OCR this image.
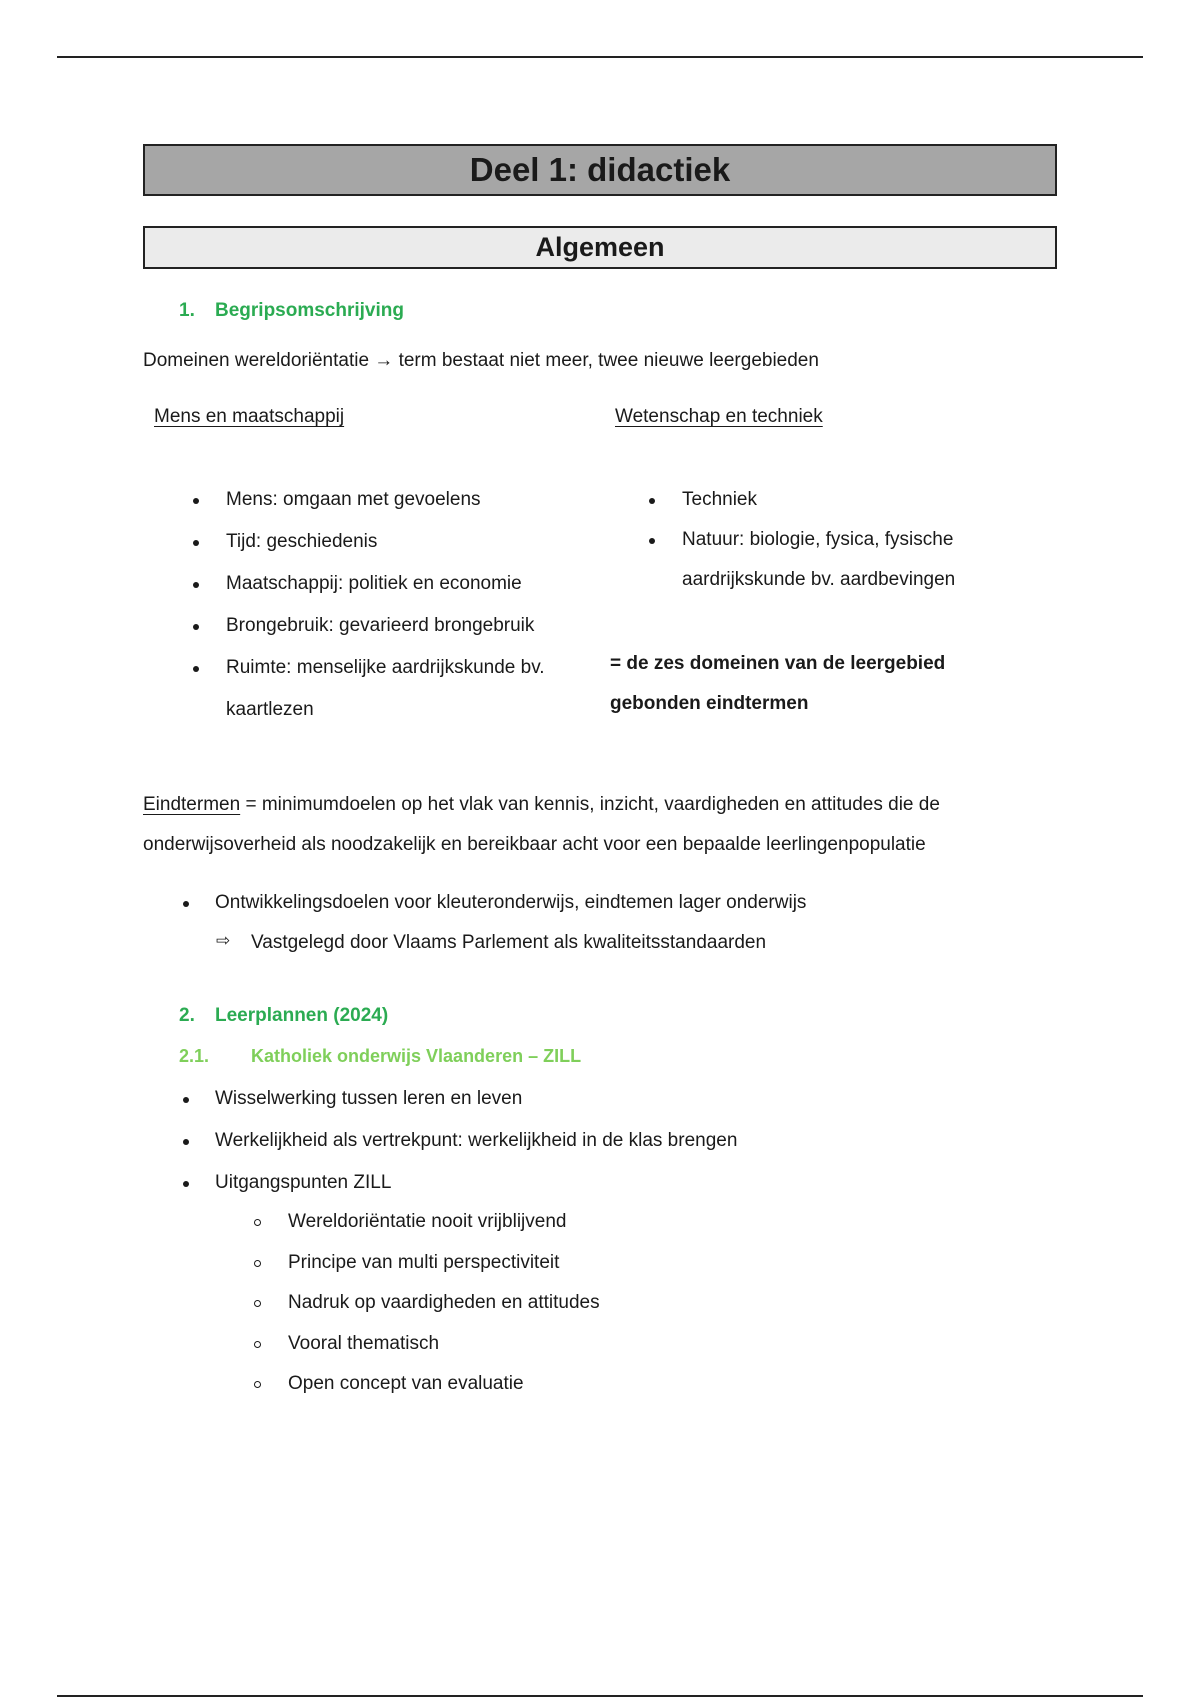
Deel 1: didactiek
Algemeen
1. Begripsomschrijving
Domeinen wereldoriëntatie → term bestaat niet meer, twee nieuwe leergebieden
Mens en maatschappij	Wetenschap en techniek
Mens: omgaan met gevoelens
Tijd: geschiedenis
Maatschappij: politiek en economie
Brongebruik: gevarieerd brongebruik
Ruimte: menselijke aardrijkskunde bv.
kaartlezen
Techniek
Natuur: biologie, fysica, fysische
aardrijkskunde bv. aardbevingen
= de zes domeinen van de leergebied
gebonden eindtermen
Eindtermen = minimumdoelen op het vlak van kennis, inzicht, vaardigheden en attitudes die de
onderwijsoverheid als noodzakelijk en bereikbaar acht voor een bepaalde leerlingenpopulatie
Ontwikkelingsdoelen voor kleuteronderwijs, eindtemen lager onderwijs
⇨ Vastgelegd door Vlaams Parlement als kwaliteitsstandaarden
2. Leerplannen (2024)
2.1. Katholiek onderwijs Vlaanderen – ZILL
Wisselwerking tussen leren en leven
Werkelijkheid als vertrekpunt: werkelijkheid in de klas brengen
Uitgangspunten ZILL
Wereldoriëntatie nooit vrijblijvend
Principe van multi perspectiviteit
Nadruk op vaardigheden en attitudes
Vooral thematisch
Open concept van evaluatie
